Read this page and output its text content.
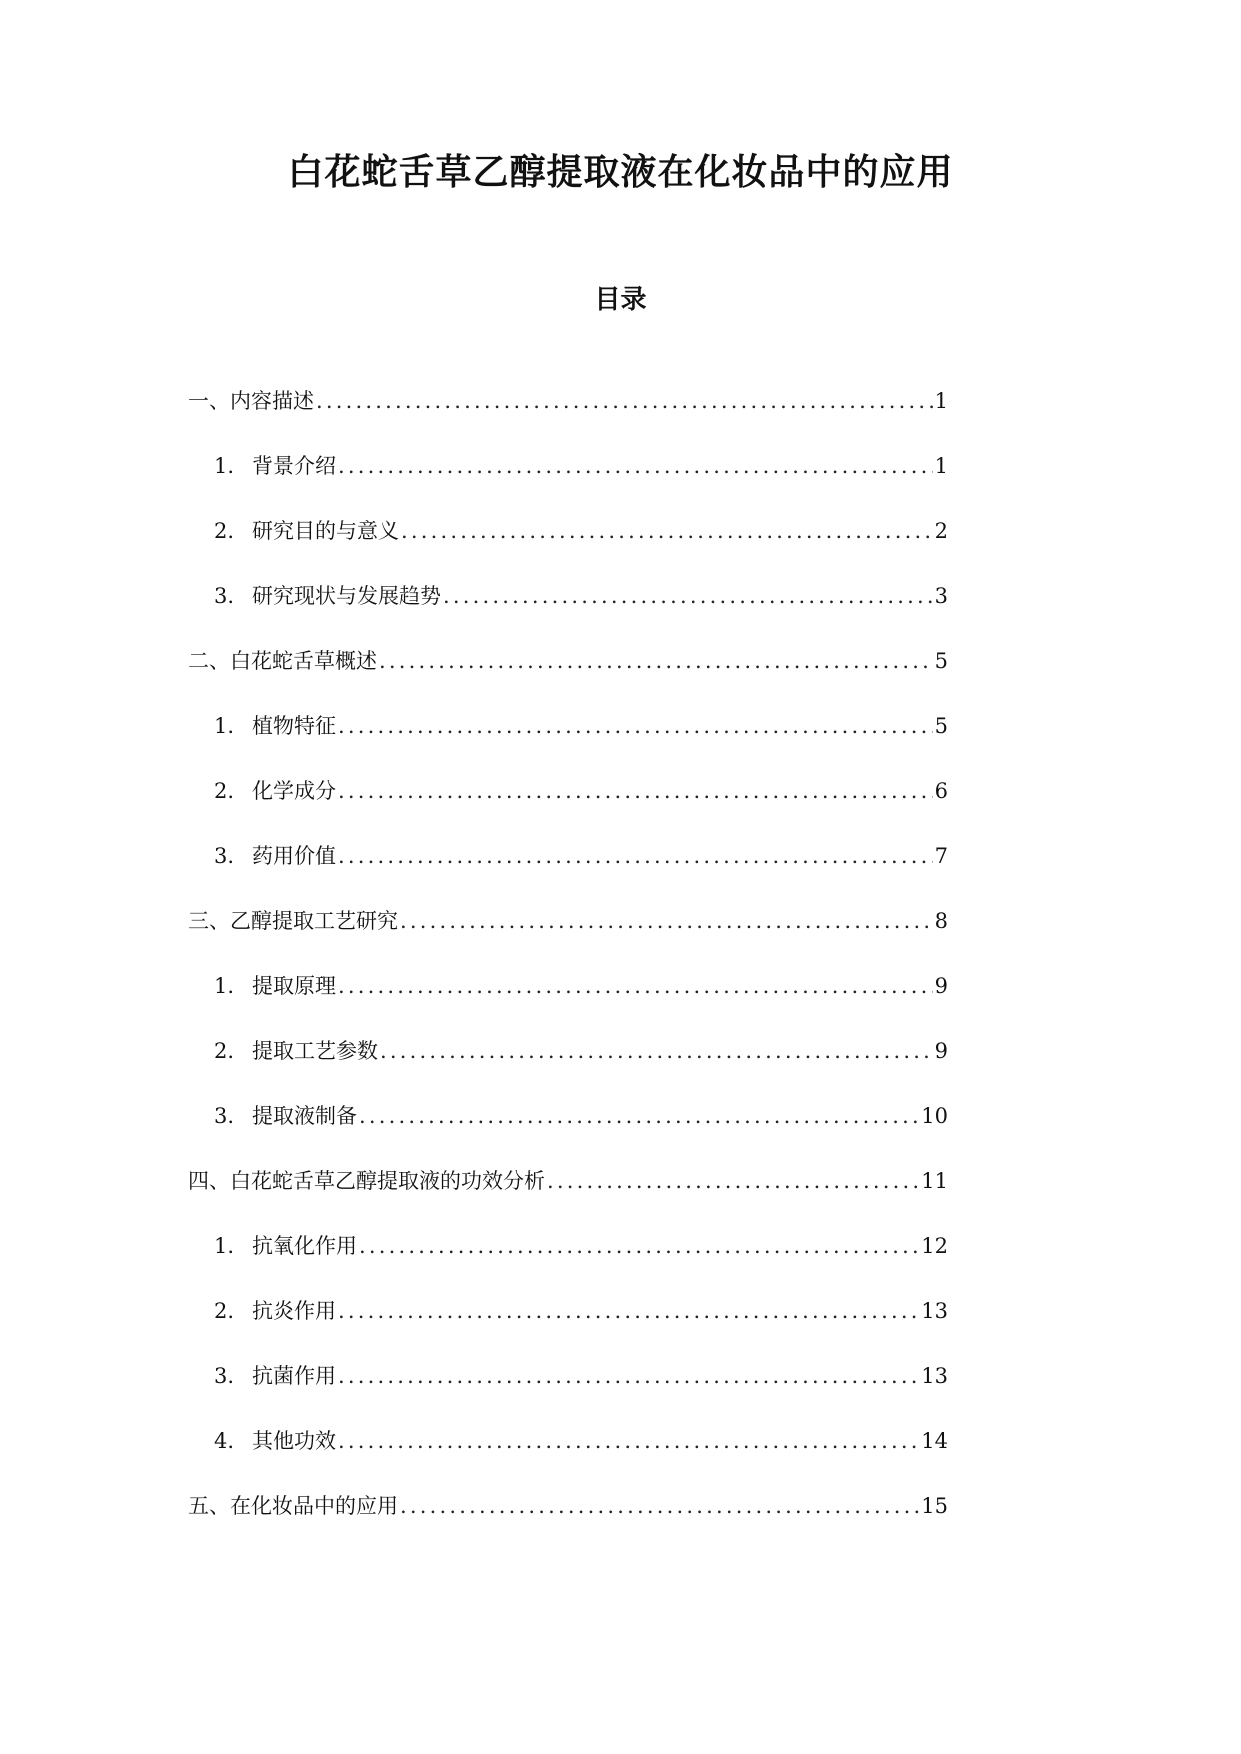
白花蛇舌草乙醇提取液在化妆品中的应用
目录
一、内容描述 .....	1
1. 背景介绍 .....	1
2. 研究目的与意义 .....	2
3. 研究现状与发展趋势 .....	3
二、白花蛇舌草概述 .....	5
1. 植物特征 .....	5
2. 化学成分 .....	6
3. 药用价值 .....	7
三、乙醇提取工艺研究 .....	8
1. 提取原理 .....	9
2. 提取工艺参数 .....	9
3. 提取液制备 .....	10
四、白花蛇舌草乙醇提取液的功效分析 .....	11
1. 抗氧化作用 .....	12
2. 抗炎作用 .....	13
3. 抗菌作用 .....	13
4. 其他功效 .....	14
五、在化妆品中的应用 .....	15
